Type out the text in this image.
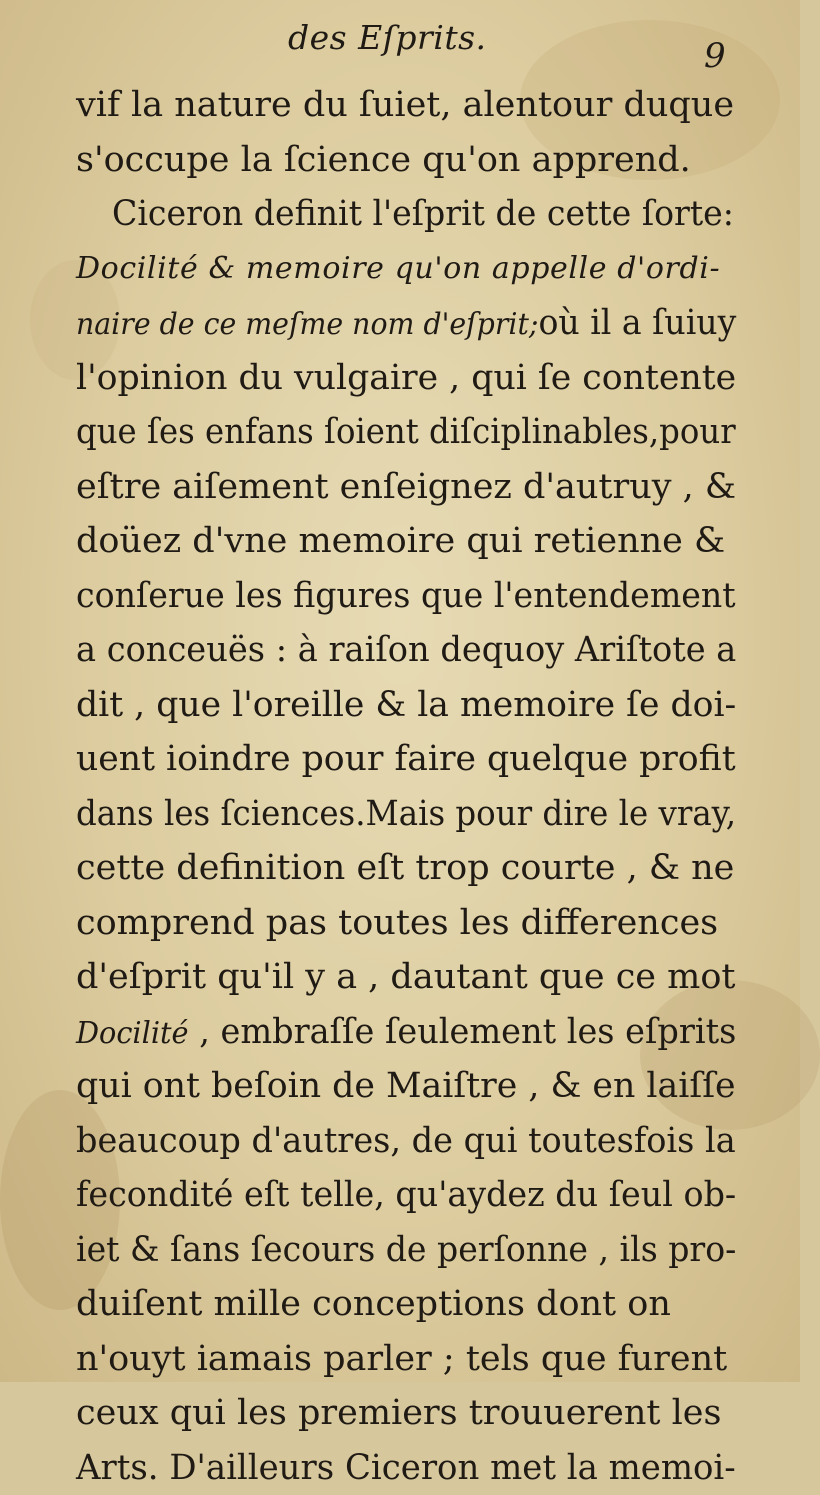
des Eſprits.	9
vif la nature du ſuiet, alentour duque
s'occupe la ſcience qu'on apprend.
Ciceron definit l'eſprit de cette ſorte:
Docilité & memoire qu'on appelle d'ordi-
naire de ce meſme nom d'eſprit;où il a ſuiuy
l'opinion du vulgaire , qui ſe contente
que ſes enfans ſoient diſciplinables,pour
eſtre aiſement enſeignez d'autruy , &
doüez d'vne memoire qui retienne &
conſerue les figures que l'entendement
a conceuës : à raiſon dequoy Ariſtote a
dit , que l'oreille & la memoire ſe doi-
uent ioindre pour faire quelque profit
dans les ſciences.Mais pour dire le vray,
cette definition eſt trop courte , & ne
comprend pas toutes les differences
d'eſprit qu'il y a , dautant que ce mot
Docilité , embraſſe ſeulement les eſprits
qui ont beſoin de Maiſtre , & en laiſſe
beaucoup d'autres, de qui toutesfois la
fecondité eſt telle, qu'aydez du ſeul ob-
iet & ſans ſecours de perſonne , ils pro-
duiſent mille conceptions dont on
n'ouyt iamais parler ; tels que furent
ceux qui les premiers trouuerent les
Arts. D'ailleurs Ciceron met la memoi-
